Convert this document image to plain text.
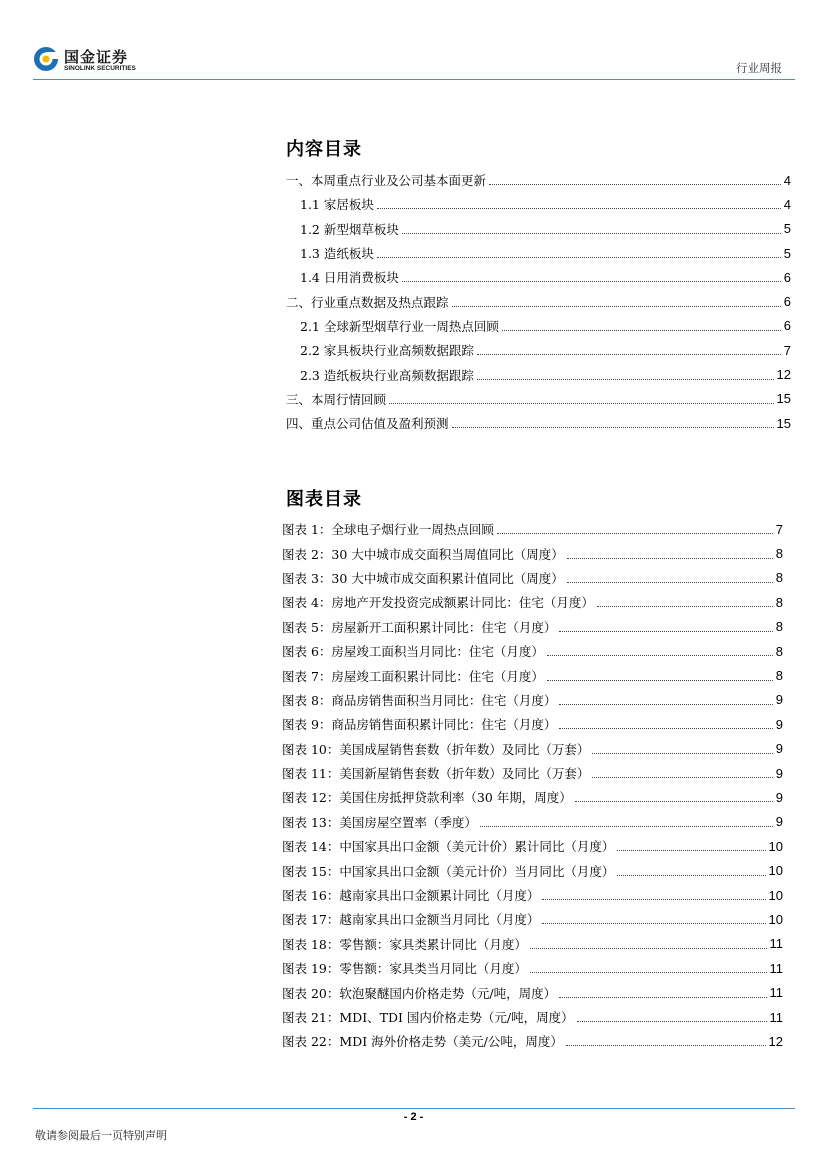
国金证券
SINOLINK SECURITIES	行业周报
内容目录
一、本周重点行业及公司基本面更新	4
1.1 家居板块	4
1.2 新型烟草板块	5
1.3 造纸板块	5
1.4 日用消费板块	6
二、行业重点数据及热点跟踪	6
2.1 全球新型烟草行业一周热点回顾	6
2.2 家具板块行业高频数据跟踪	7
2.3 造纸板块行业高频数据跟踪	12
三、本周行情回顾	15
四、重点公司估值及盈利预测	15
图表目录
图表 1：全球电子烟行业一周热点回顾	7
图表 2：30 大中城市成交面积当周值同比（周度）	8
图表 3：30 大中城市成交面积累计值同比（周度）	8
图表 4：房地产开发投资完成额累计同比：住宅（月度）	8
图表 5：房屋新开工面积累计同比：住宅（月度）	8
图表 6：房屋竣工面积当月同比：住宅（月度）	8
图表 7：房屋竣工面积累计同比：住宅（月度）	8
图表 8：商品房销售面积当月同比：住宅（月度）	9
图表 9：商品房销售面积累计同比：住宅（月度）	9
图表 10：美国成屋销售套数（折年数）及同比（万套）	9
图表 11：美国新屋销售套数（折年数）及同比（万套）	9
图表 12：美国住房抵押贷款利率（30 年期，周度）	9
图表 13：美国房屋空置率（季度）	9
图表 14：中国家具出口金额（美元计价）累计同比（月度）	10
图表 15：中国家具出口金额（美元计价）当月同比（月度）	10
图表 16：越南家具出口金额累计同比（月度）	10
图表 17：越南家具出口金额当月同比（月度）	10
图表 18：零售额：家具类累计同比（月度）	11
图表 19：零售额：家具类当月同比（月度）	11
图表 20：软泡聚醚国内价格走势（元/吨，周度）	11
图表 21：MDI、TDI 国内价格走势（元/吨，周度）	11
图表 22：MDI 海外价格走势（美元/公吨，周度）	12
- 2 -
敬请参阅最后一页特别声明
